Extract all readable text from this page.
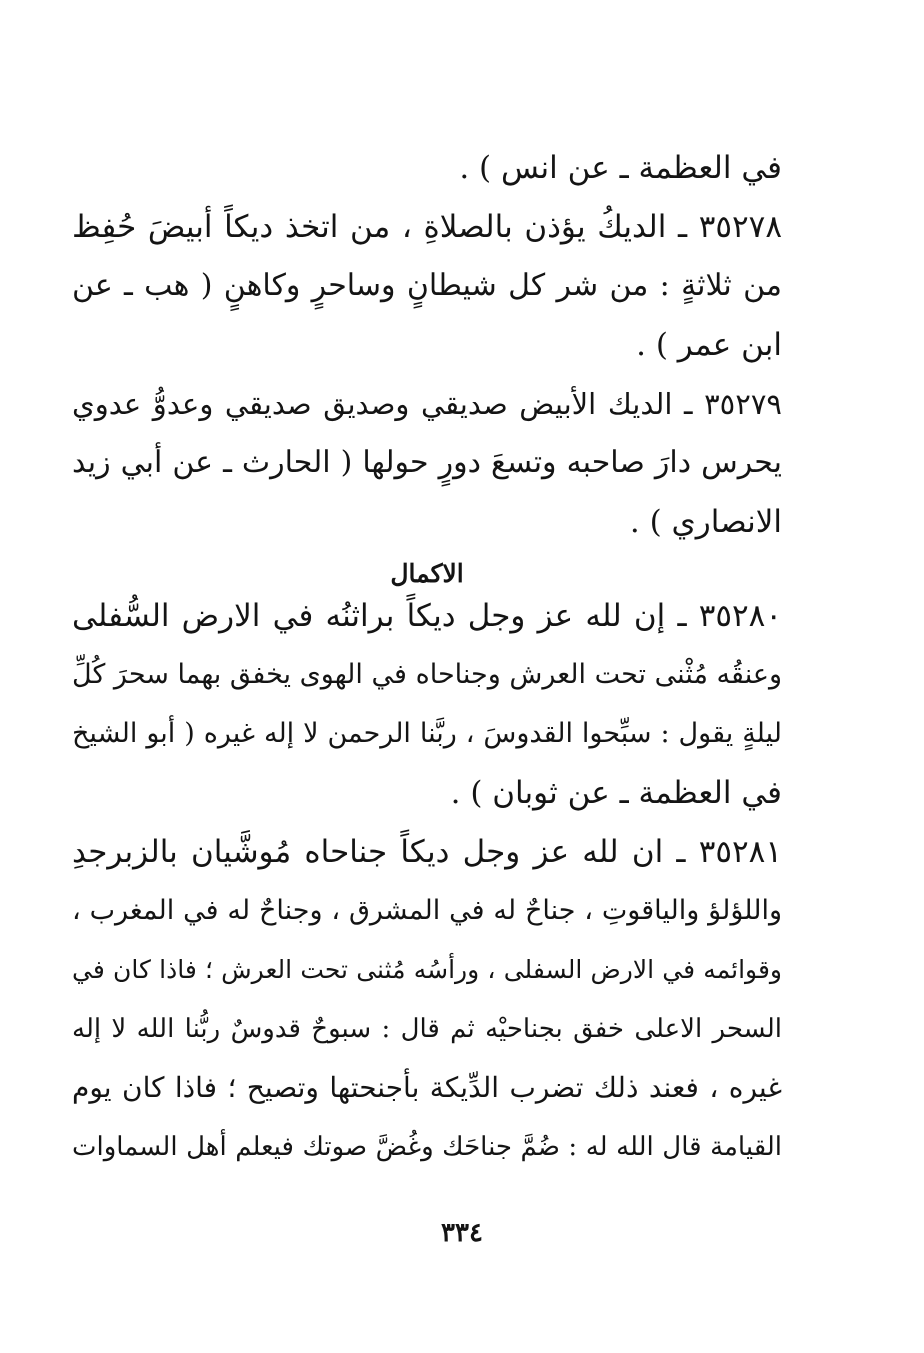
في العظمة ـ عن انس ) .
٣٥٢٧٨ ـ الديكُ يؤذن بالصلاةِ ، من اتخذ ديكاً أبيضَ حُفِظ
من ثلاثةٍ : من شر كل شيطانٍ وساحرٍ وكاهنٍ ( هب ـ عن
ابن عمر ) .
٣٥٢٧٩ ـ الديك الأبيض صديقي وصديق صديقي وعدوُّ عدوي
يحرس دارَ صاحبه وتسعَ دورٍ حولها ( الحارث ـ عن أبي زيد
الانصاري ) .
الاكمال
٣٥٢٨٠ ـ إن لله عز وجل ديكاً براثنُه في الارض السُّفلى
وعنقُه مُثْنى تحت العرش وجناحاه في الهوى يخفق بهما سحرَ كُلِّ
ليلةٍ يقول : سبِّحوا القدوسَ ، ربَّنا الرحمن لا إله غيره ( أبو الشيخ
في العظمة ـ عن ثوبان ) .
٣٥٢٨١ ـ ان لله عز وجل ديكاً جناحاه مُوشَّيان بالزبرجدِ
واللؤلؤ والياقوتِ ، جناحٌ له في المشرق ، وجناحٌ له في المغرب ،
وقوائمه في الارض السفلى ، ورأسُه مُثنى تحت العرش ؛ فاذا كان في
السحر الاعلى خفق بجناحيْه ثم قال : سبوحٌ قدوسٌ ربُّنا الله لا إله
غيره ، فعند ذلك تضرب الدِّيكة بأجنحتها وتصيح ؛ فاذا كان يوم
القيامة قال الله له : ضُمَّ جناحَك وغُضَّ صوتك فيعلم أهل السماوات
٣٣٤
